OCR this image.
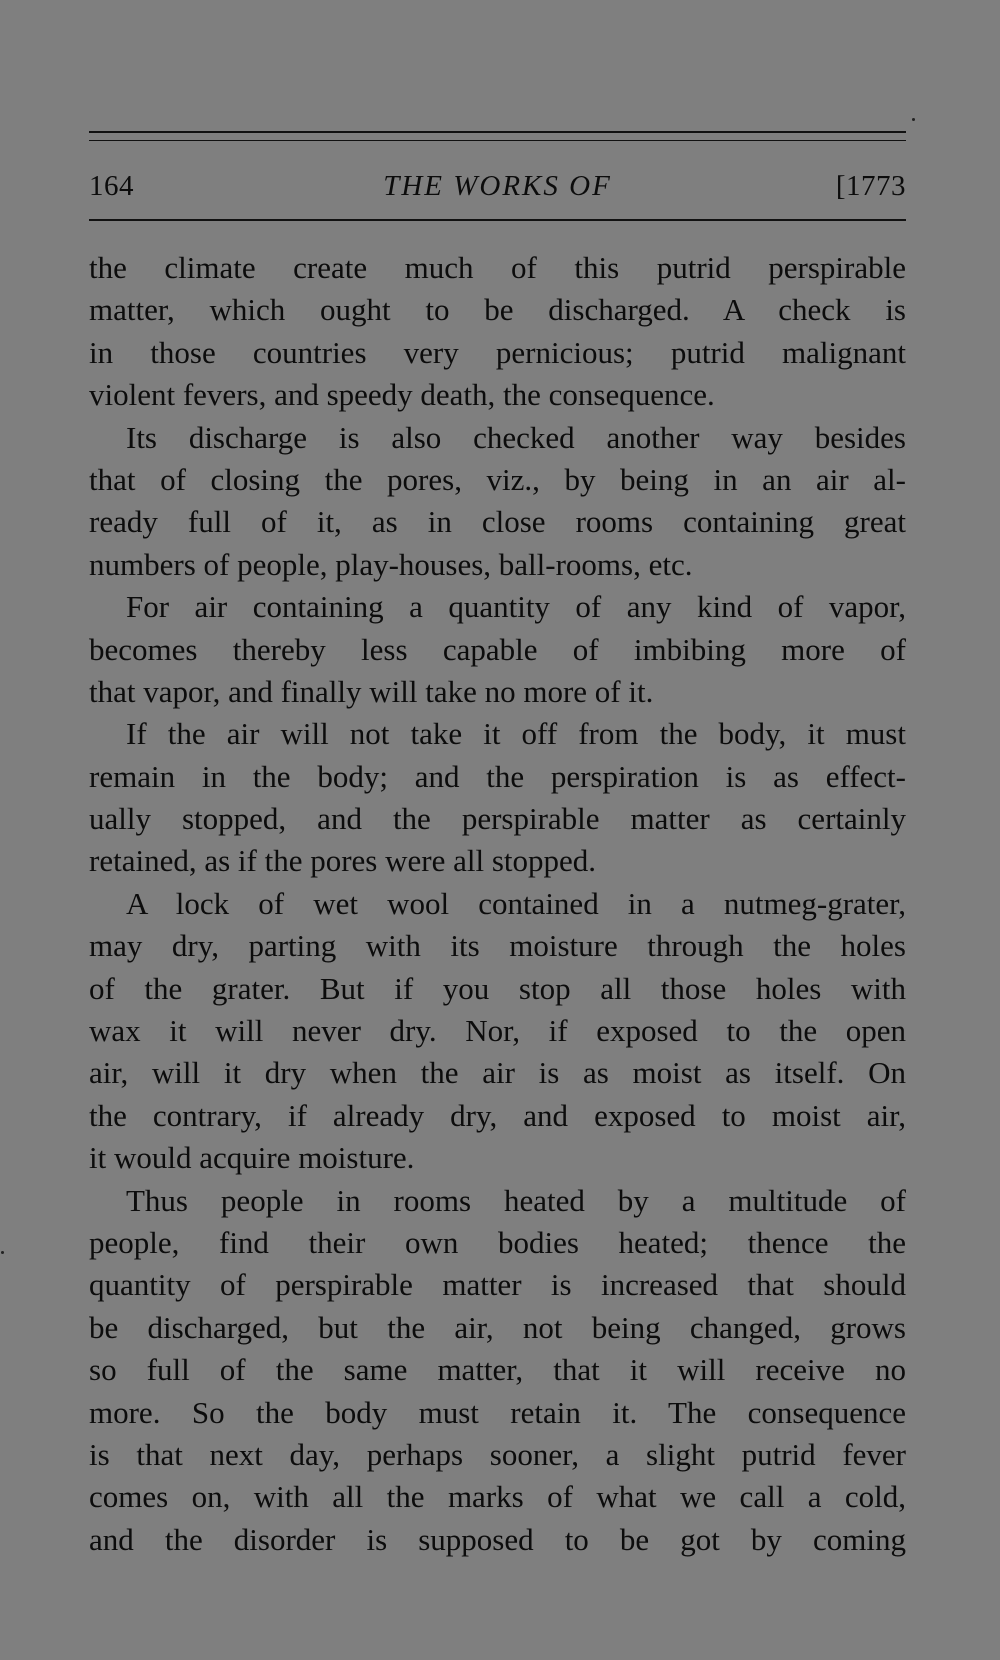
164	THE WORKS OF	[1773
the climate create much of this putrid perspirable
matter, which ought to be discharged. A check is
in those countries very pernicious; putrid malignant
violent fevers, and speedy death, the consequence.
Its discharge is also checked another way besides
that of closing the pores, viz., by being in an air al-
ready full of it, as in close rooms containing great
numbers of people, play-houses, ball-rooms, etc.
For air containing a quantity of any kind of vapor,
becomes thereby less capable of imbibing more of
that vapor, and finally will take no more of it.
If the air will not take it off from the body, it must
remain in the body; and the perspiration is as effect-
ually stopped, and the perspirable matter as certainly
retained, as if the pores were all stopped.
A lock of wet wool contained in a nutmeg-grater,
may dry, parting with its moisture through the holes
of the grater. But if you stop all those holes with
wax it will never dry. Nor, if exposed to the open
air, will it dry when the air is as moist as itself. On
the contrary, if already dry, and exposed to moist air,
it would acquire moisture.
Thus people in rooms heated by a multitude of
people, find their own bodies heated; thence the
quantity of perspirable matter is increased that should
be discharged, but the air, not being changed, grows
so full of the same matter, that it will receive no
more. So the body must retain it. The consequence
is that next day, perhaps sooner, a slight putrid fever
comes on, with all the marks of what we call a cold,
and the disorder is supposed to be got by coming
